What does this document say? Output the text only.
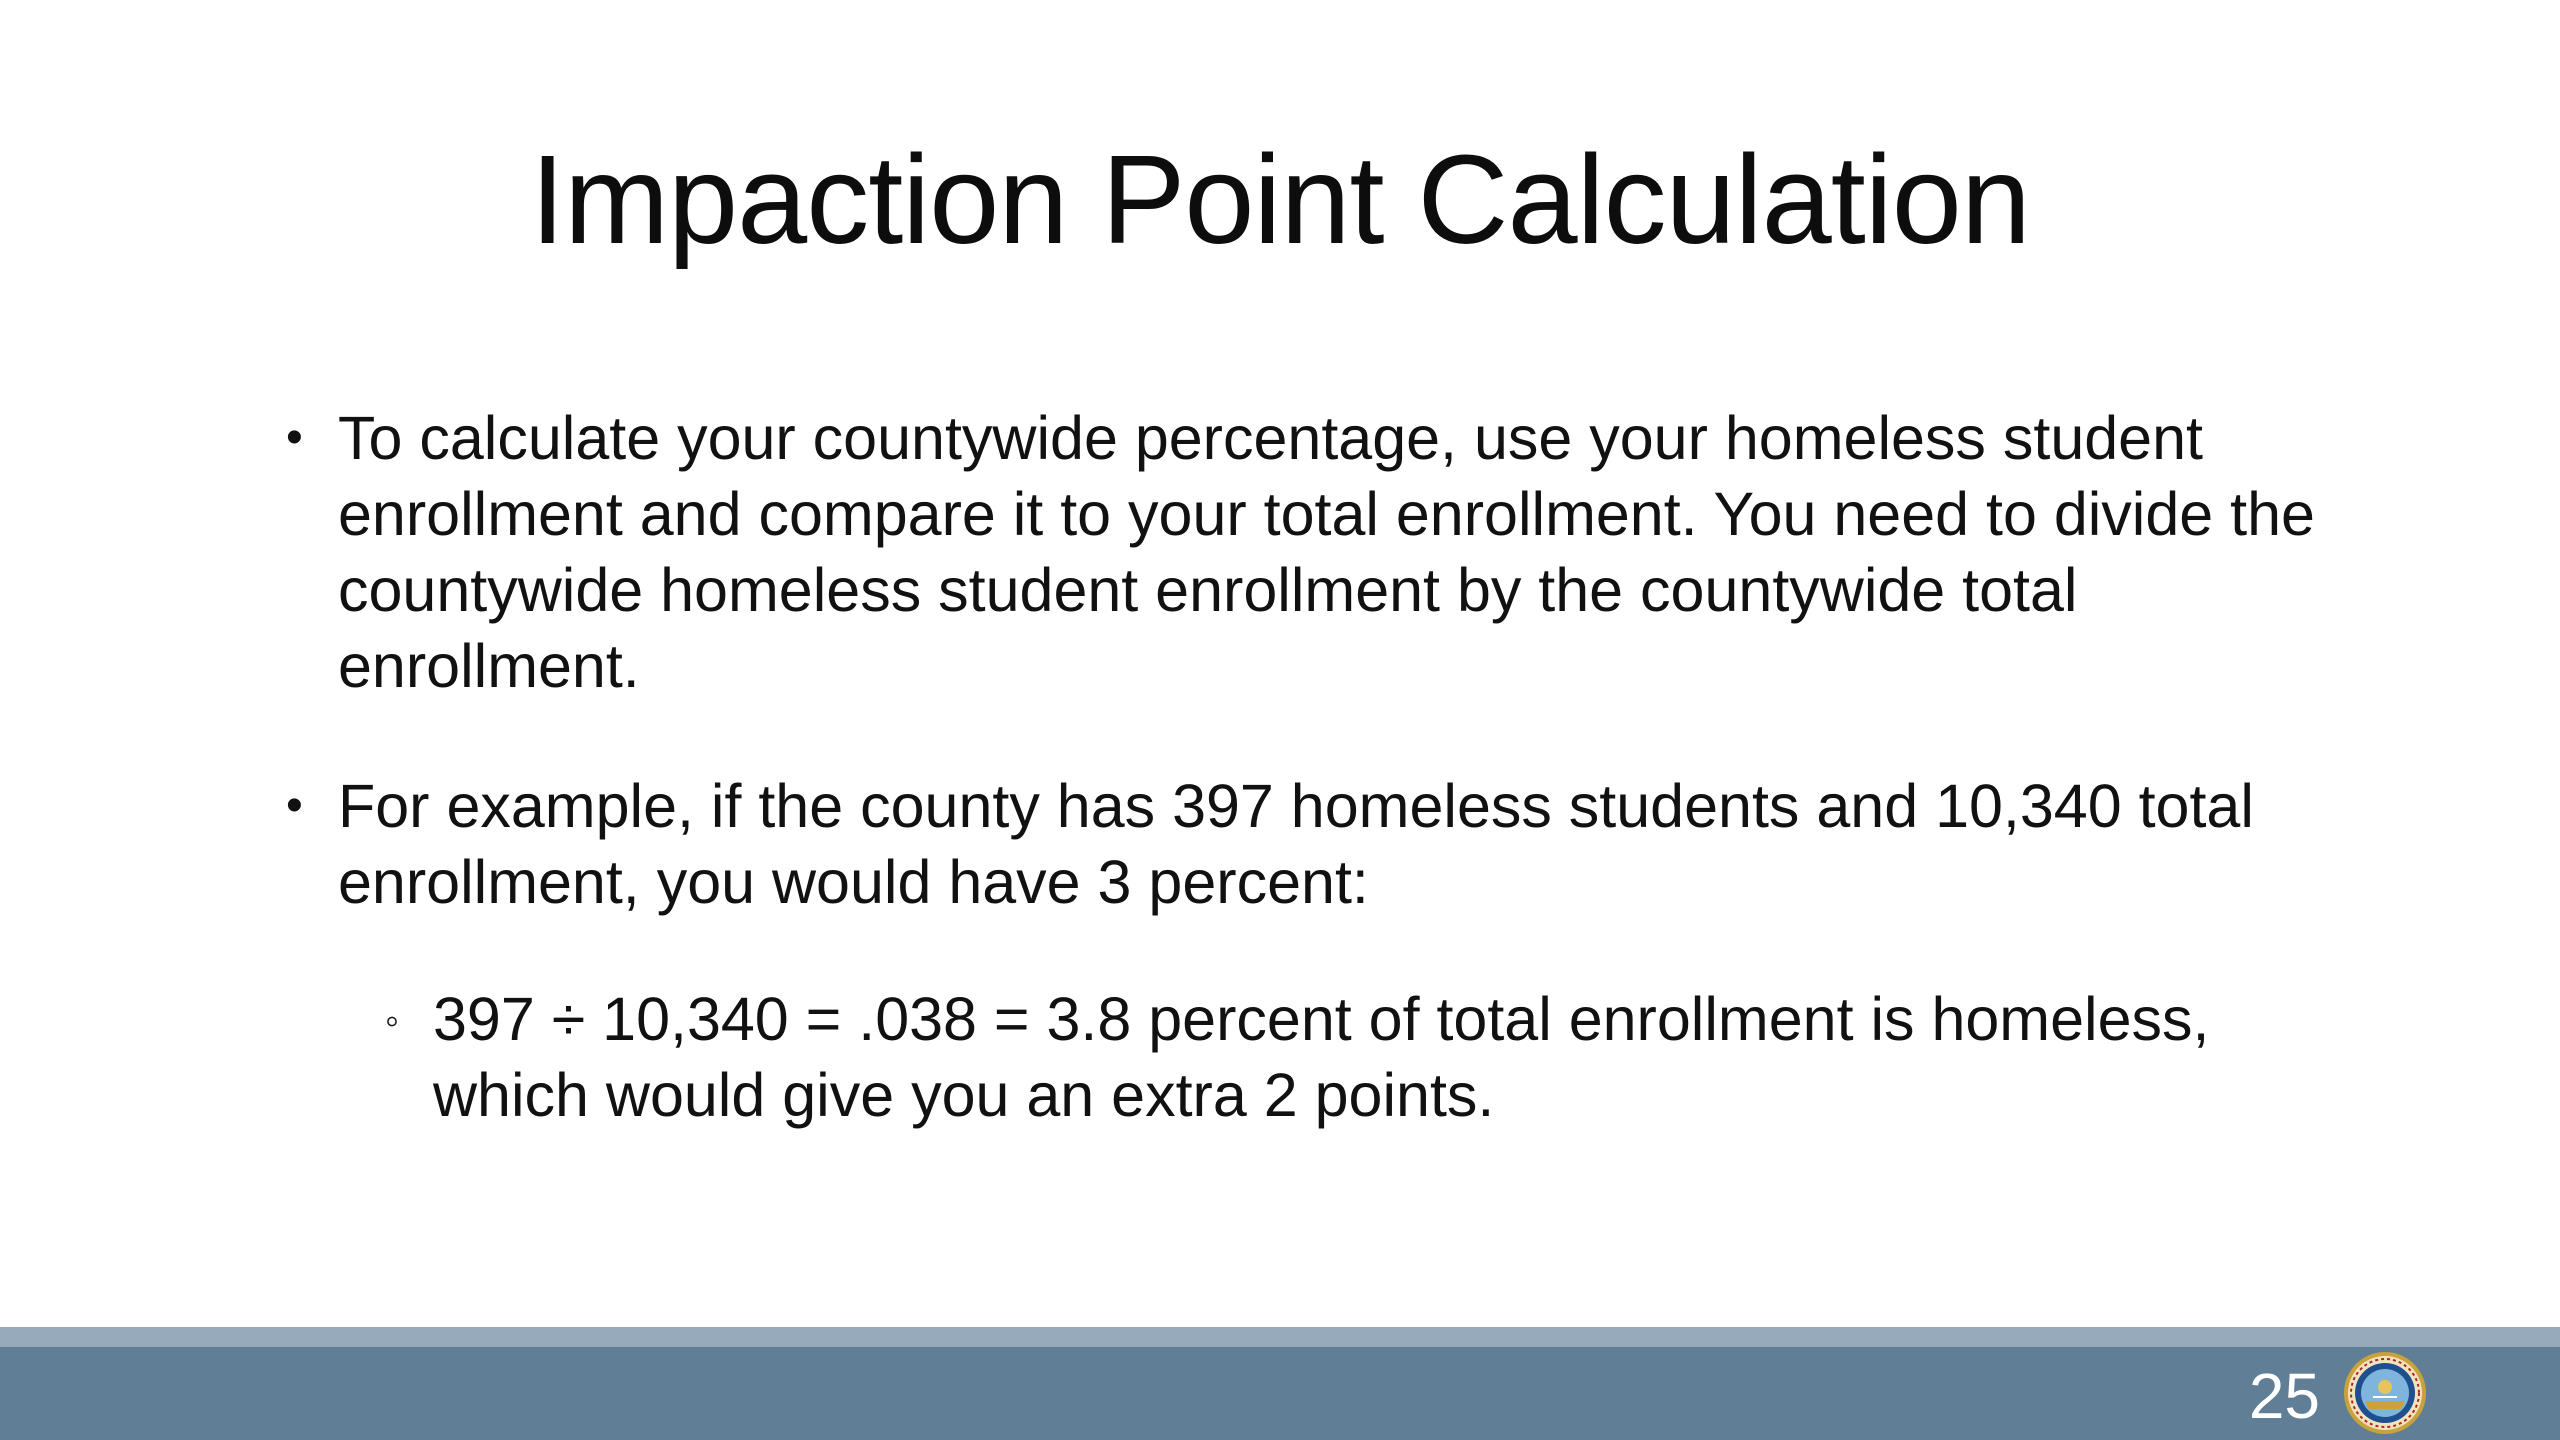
Impaction Point Calculation

• To calculate your countywide percentage, use your homeless student enrollment and compare it to your total enrollment. You need to divide the countywide homeless student enrollment by the countywide total enrollment.

• For example, if the county has 397 homeless students and 10,340 total enrollment, you would have 3 percent:

◦ 397 ÷ 10,340 = .038 = 3.8 percent of total enrollment is homeless, which would give you an extra 2 points.

25
